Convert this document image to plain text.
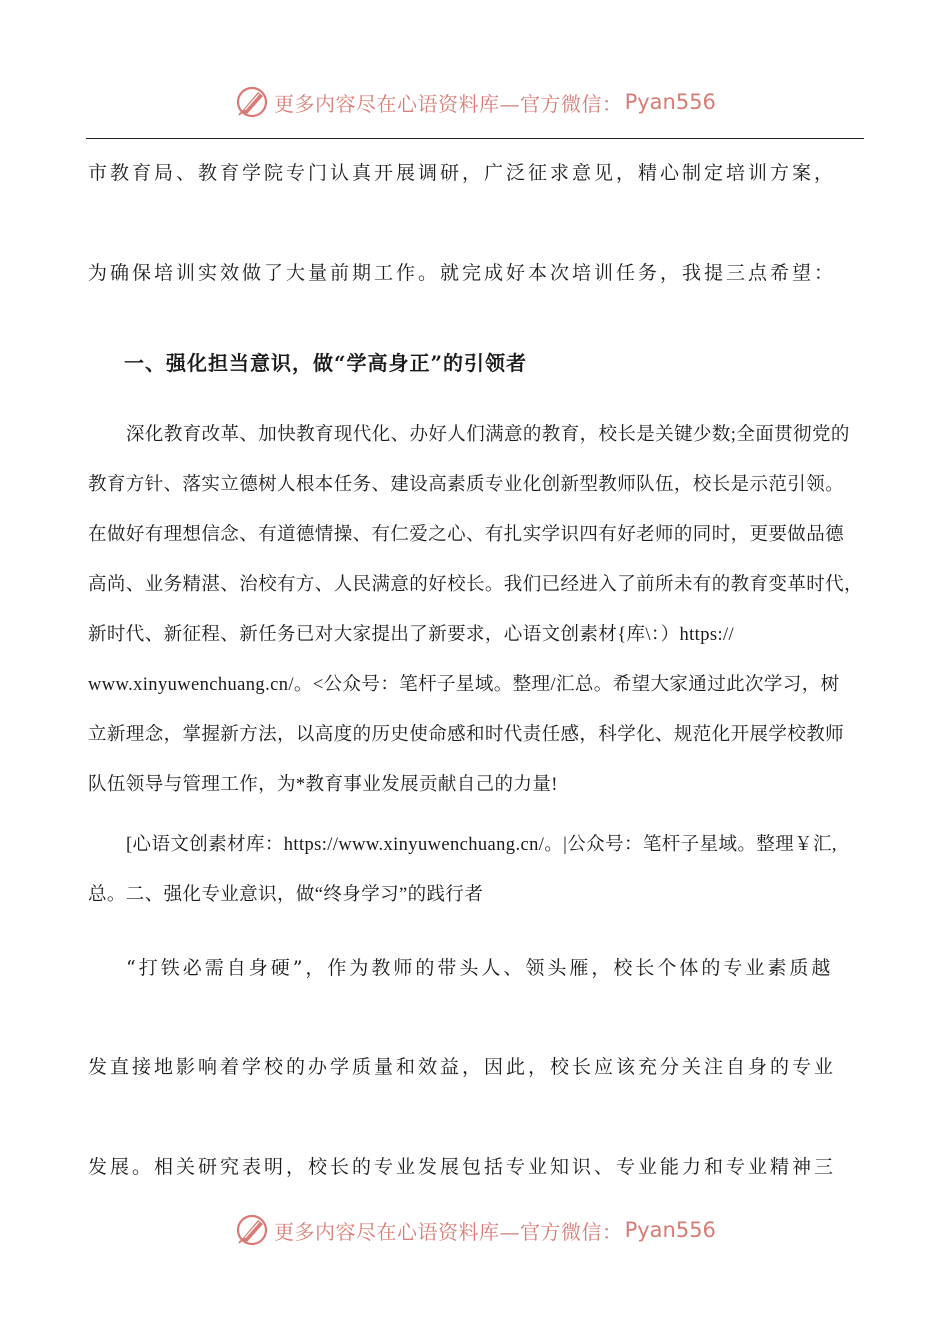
更多内容尽在心语资料库—官方微信： Pyan556
市教育局、教育学院专门认真开展调研，广泛征求意见，精心制定培训方案，
为确保培训实效做了大量前期工作。就完成好本次培训任务，我提三点希望：
一、强化担当意识，做“学高身正”的引领者
深化教育改革、加快教育现代化、办好人们满意的教育，校长是关键少数;全面贯彻党的
教育方针、落实立德树人根本任务、建设高素质专业化创新型教师队伍，校长是示范引领。
在做好有理想信念、有道德情操、有仁爱之心、有扎实学识四有好老师的同时，更要做品德
高尚、业务精湛、治校有方、人民满意的好校长。我们已经进入了前所未有的教育变革时代，
新时代、新征程、新任务已对大家提出了新要求，心语文创素材{库\：）https://
www.xinyuwenchuang.cn/。<公众号：笔杆子星域。整理/汇总。希望大家通过此次学习，树
立新理念，掌握新方法，以高度的历史使命感和时代责任感，科学化、规范化开展学校教师
队伍领导与管理工作，为*教育事业发展贡献自己的力量!
[心语文创素材库：https://www.xinyuwenchuang.cn/。|公众号：笔杆子星域。整理￥汇,
总。二、强化专业意识，做“终身学习”的践行者
“打铁必需自身硬”，作为教师的带头人、领头雁，校长个体的专业素质越
发直接地影响着学校的办学质量和效益，因此，校长应该充分关注自身的专业
发展。相关研究表明，校长的专业发展包括专业知识、专业能力和专业精神三
更多内容尽在心语资料库—官方微信： Pyan556
